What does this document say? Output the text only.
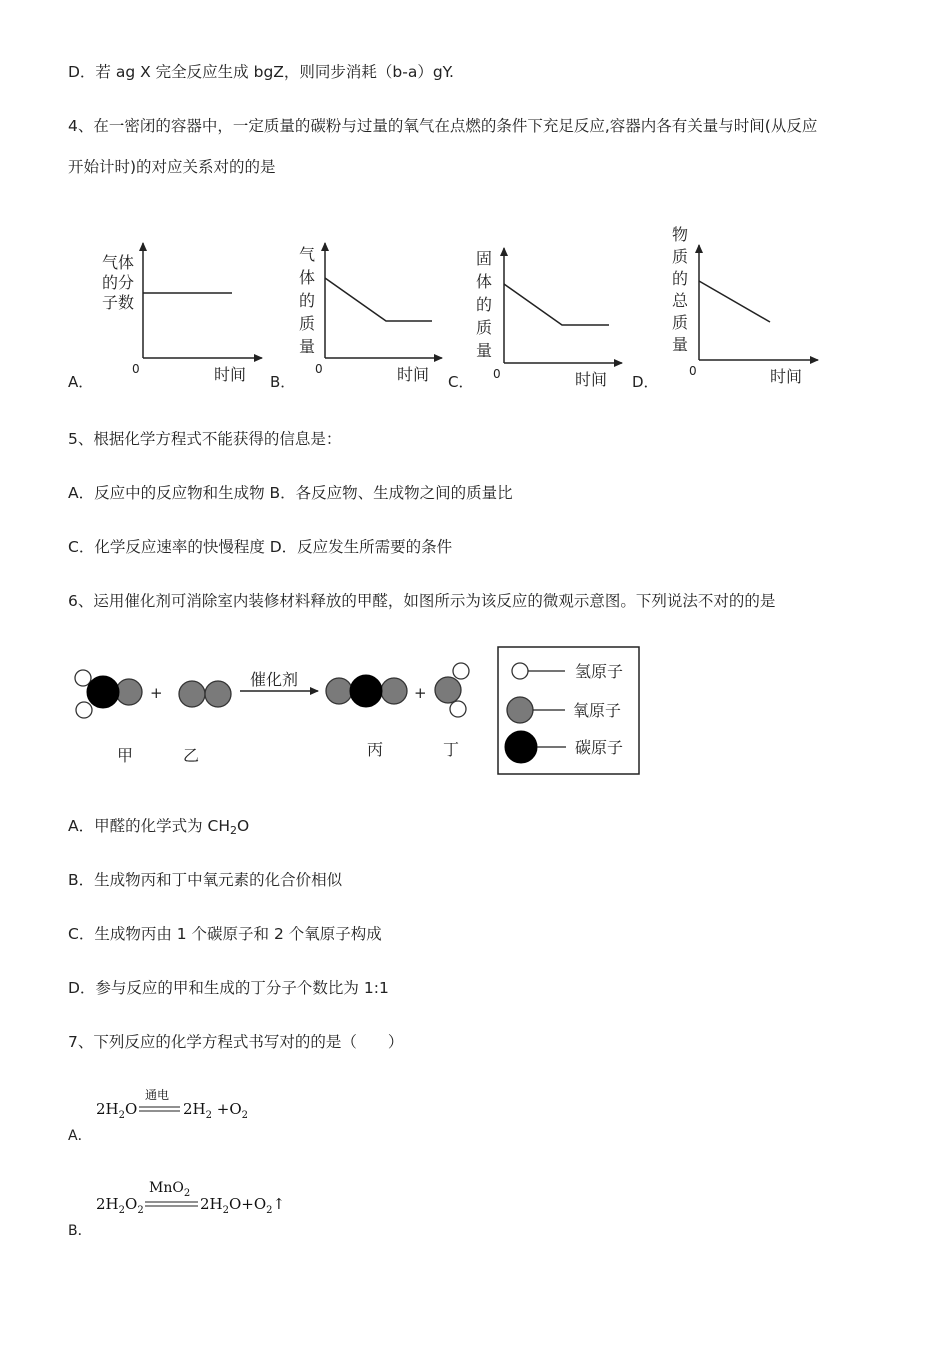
D．若 ag X 完全反应生成 bgZ，则同步消耗（b-a）gY.
4、在一密闭的容器中，一定质量的碳粉与过量的氧气在点燃的条件下充足反应,容器内各有关量与时间(从反应
开始计时)的对应关系对的的是
A．
气体
的分
子数
0	时间 B．
气
体
的
质
量
0	时间 C．
固
体
的
质
量
0	时间 D．
物
质
的
总
质
量
0	时间
5、根据化学方程式不能获得的信息是：
A．反应中的反应物和生成物 B．各反应物、生成物之间的质量比
C．化学反应速率的快慢程度 D．反应发生所需要的条件
6、运用催化剂可消除室内装修材料释放的甲醛，如图所示为该反应的微观示意图。下列说法不对的的是
+
催化剂
+
甲	乙	丙	丁
氢原子
氧原子
碳原子
A．甲醛的化学式为 CH2O
B．生成物丙和丁中氧元素的化合价相似
C．生成物丙由 1 个碳原子和 2 个氧原子构成
D．参与反应的甲和生成的丁分子个数比为 1:1
7、下列反应的化学方程式书写对的的是（　　）
通电
$2H_2O$	$2H_2 +O_2$
A．
MnO$_2$
$2H_2O_2$	$2H_2O+O_2↑$
B．
